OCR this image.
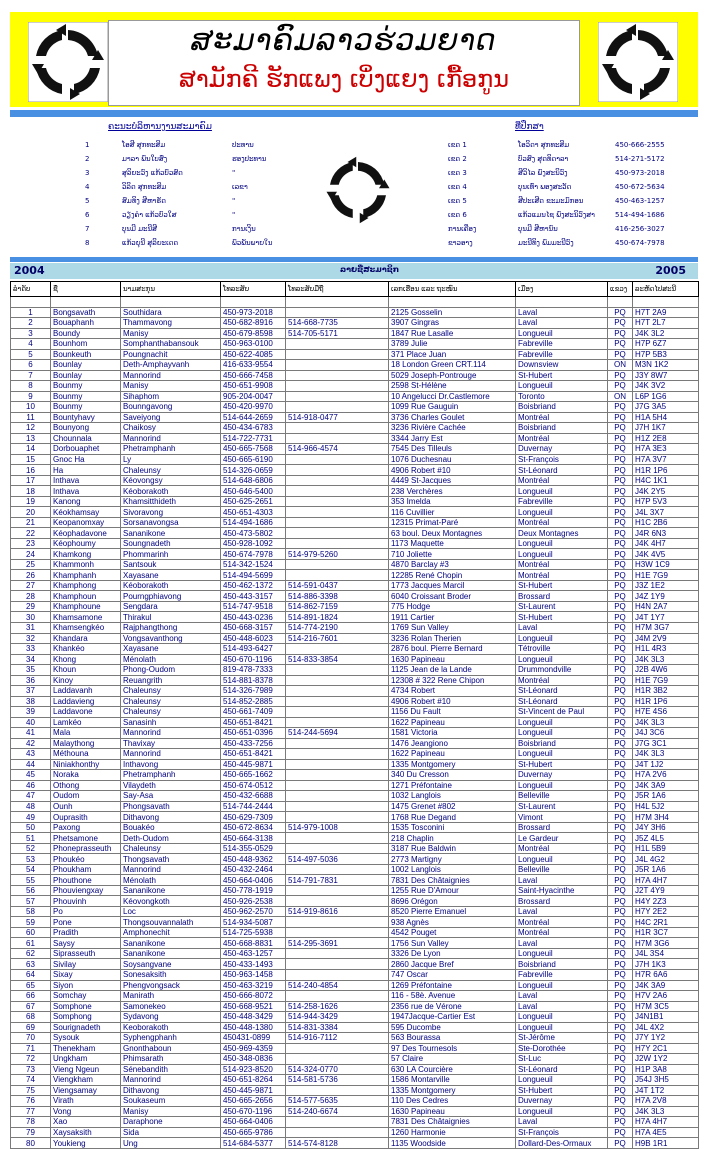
ສະມາຄົມລາວຮ່ວມຍາດ
ສາມັກຄີ ຮັກແພງ ເບິ່ງແຍງ ເກື້ອກູນ
ຄະນະບໍລິຫານງານສະມາຄົມ	ທີ່ປຶກສາ
1	ໂອສີ ສຸກທະສິມ	ປະທານ	ເຂດ 1	ໂອວິດາ ສຸກທະສິມ	450-666-2555
2	ມາລາ ພົນໃບສົ່ງ	ຮອງປະທານ	ເຂດ 2	ບົວສົງ ສຸດທິດາລາ	514-271-5172
3	ສຸລິຍະວົງ ແກ້ວບົວສົດ	"	ເຂດ 3	ສີວິໄລ ພົງສະນິວົງ	450-973-2018
4	ວິລິດ ສຸກທະສິມ	ເລຂາ	ເຂດ 4	ບຸນເທົ່າ ພອງສະວັດ	450-672-5634
5	ສົມທິງ ສີຫາຣັດ	"	ເຂດ 5	ສີປະເສີດ ຂະມະມົກອນ	450-463-1257
6	ວຽງຄຳ ແກ້ວບົວໃສ	"	ເຂດ 6	ແກ້ວແມນໄຊ ພົງສະນິວົງສາ	514-494-1686
7	ບຸນມີ ມະນີສີ	ການເງິນ	ການເຄືອງ	ບຸນມີ ສີຫານົນ	416-256-3027
8	ແກ້ວຍຸນີ ສຸລິຍະເດດ	ພົວພັນພາຍໃນ	ຂາວອາງ	ມະນີທິງ ພົມມະນີວົງ	450-674-7978
2004	ລາຍຊື່ສະມາຊິກ	2005
ລຳດັບ	ຊື່	ນາມສະກຸນ	ໂທລະສັບ	ໂທລະສັບມືຖື	ເລກເຮືອນ ແລະ ຖະໜົນ	ເມືອງ	ແຂວງ	ລະຫັດໄປສະນີ

1	Bongsavath	Southidara	450-973-2018		2125 Gosselin	Laval	PQ	H7T 2A9
2	Bouaphanh	Thammavong	450-682-8916	514-668-7735	3907 Gingras	Laval	PQ	H7T 2L7
3	Boundy	Manisy	450-679-8598	514-705-5171	1847 Rue Lasalle	Longueuil	PQ	J4K 3L2
4	Bounhom	Somphanthabansouk	450-963-0100		3789 Julie	Fabreville	PQ	H7P 6Z7
5	Bounkeuth	Poungnachit	450-622-4085		371 Place Juan	Fabreville	PQ	H7P 5B3
6	Bounlay	Deth-Amphayvanh	416-633-9554		18 London Green CRT.114	Downsview	ON	M3N 1K2
7	Bounlay	Mannorind	450-666-7458		5029 Joseph-Pontrouge	St-Hubert	PQ	J3Y 8W7
8	Bounmy	Manisy	450-651-9908		2598 St-Hélène	Longueuil	PQ	J4K 3V2
9	Bounmy	Sihaphom	905-204-0047		10 Angelucci Dr.Castlemore	Toronto	ON	L6P 1G6
10	Bounmy	Bounngavong	450-420-9970		1099 Rue Gauguin	Boisbriand	PQ	J7G 3A5
11	Bountyhavy	Saveiyong	514-644-2659	514-918-0477	3736 Charles Goulet	Montréal	PQ	H1A 5H4
12	Bounyong	Chaikosy	450-434-6783		3236 Rivière Cachée	Boisbriand	PQ	J7H 1K7
13	Chounnala	Mannorind	514-722-7731		3344 Jarry Est	Montréal	PQ	H1Z 2E8
14	Dorbouaphet	Phetramphanh	450-665-7568	514-966-4574	7545 Des Tilleuls	Duvernay	PQ	H7A 3E3
15	Gnoc Ha	Ly	450-665-6190		1076 Duchesnau	St-François	PQ	H7A 3V7
16	Ha	Chaleunsy	514-326-0659		4906 Robert #10	St-Léonard	PQ	H1R 1P6
17	Inthava	Kéovongsy	514-648-6806		4449 St-Jacques	Montréal	PQ	H4C 1K1
18	Inthava	Kéoborakoth	450-646-5400		238 Verchères	Longueuil	PQ	J4K 2Y5
19	Kanong	Khamsitthideth	450-625-2651		353 Imelda	Fabreville	PQ	H7P 5V3
20	Kéokhamsay	Sivoravong	450-651-4303		116 Cuvillier	Longueuil	PQ	J4L 3X7
21	Keopanomxay	Sorsanavongsa	514-494-1686		12315 Primat-Paré	Montréal	PQ	H1C 2B6
22	Kéophadavone	Sananikone	450-473-5802		63 boul. Deux Montagnes	Deux Montagnes	PQ	J4R 6N3
23	Kéophoumy	Soungnadeth	450-928-1092		1173 Maquette	Longueuil	PQ	J4K 4H7
24	Khamkong	Phommarinh	450-674-7978	514-979-5260	710 Joliette	Longueuil	PQ	J4K 4V5
25	Khammonh	Santsouk	514-342-1524		4870 Barclay #3	Montréal	PQ	H3W 1C9
26	Khamphanh	Xayasane	514-494-5699		12285 René Chopin	Montréal	PQ	H1E 7G9
27	Khamphong	Kéoborakoth	450-462-1372	514-591-0437	1773 Jacques Marcil	St-Hubert	PQ	J3Z 1E2
28	Khamphoun	Pourngphiavong	450-443-3157	514-886-3398	6040 Croissant Broder	Brossard	PQ	J4Z 1Y9
29	Khamphoune	Sengdara	514-747-9518	514-862-7159	775 Hodge	St-Laurent	PQ	H4N 2A7
30	Khamsamone	Thirakul	450-443-0236	514-891-1824	1911 Cartier	St-Hubert	PQ	J4T 1Y7
31	Khamsengkéo	Rajphangthong	450-668-3157	514-774-2190	1769 Sun Valley	Laval	PQ	H7M 3G7
32	Khandara	Vongsavanthong	450-448-6023	514-216-7601	3236 Rolan Therien	Longueuil	PQ	J4M 2V9
33	Khankéo	Xayasane	514-493-6427		2876 boul. Pierre Bernard	Tétroville	PQ	H1L 4R3
34	Khong	Ménolath	450-670-1196	514-833-3854	1630 Papineau	Longueuil	PQ	J4K 3L3
35	Khoun	Phong-Oudom	819-478-7333		1125 Jean de la Lande	Drummondville	PQ	J2B 4W6
36	Kinoy	Reuangrith	514-881-8378		12308 # 322 Rene Chipon	Montréal	PQ	H1E 7G9
37	Laddavanh	Chaleunsy	514-326-7989		4734 Robert	St-Léonard	PQ	H1R 3B2
38	Laddavieng	Chaleunsy	514-852-2885		4906 Robert #10	St-Léonard	PQ	H1R 1P6
39	Laddavone	Chaleunsy	450-661-7409		1156 Du Fault	St-Vincent de Paul	PQ	H7E 4S6
40	Lamkéo	Sanasinh	450-651-8421		1622 Papineau	Longueuil	PQ	J4K 3L3
41	Mala	Mannorind	450-651-0396	514-244-5694	1581 Victoria	Longueuil	PQ	J4J 3C6
42	Malaythong	Thavixay	450-433-7256		1476 Jeangiono	Boisbriand	PQ	J7G 3C1
43	Méthouna	Mannorind	450-651-8421		1622 Papineau	Longueuil	PQ	J4K 3L3
44	Niniakhonthy	Inthavong	450-445-9871		1335 Montgomery	St-Hubert	PQ	J4T 1J2
45	Noraka	Phetramphanh	450-665-1662		340 Du Cresson	Duvernay	PQ	H7A 2V6
46	Othong	Vilaydeth	450-674-0512		1271 Préfontaine	Longueuil	PQ	J4K 3A9
47	Oudom	Say-Asa	450-432-6688		1032 Langlois	Belleville	PQ	J5R 1A6
48	Ounh	Phongsavath	514-744-2444		1475 Grenet #802	St-Laurent	PQ	H4L 5J2
49	Ouprasith	Dithavong	450-629-7309		1768 Rue Degand	Vimont	PQ	H7M 3H4
50	Paxong	Bouakéo	450-672-8634	514-979-1008	1535 Tosconini	Brossard	PQ	J4Y 3H6
51	Phetsamone	Deth-Oudom	450-664-3138		218 Chaplin	Le Gardeur	PQ	J5Z 4L5
52	Phoneprasseuth	Chaleunsy	514-355-0529		3187 Rue Baldwin	Montréal	PQ	H1L 5B9
53	Phoukéo	Thongsavath	450-448-9362	514-497-5036	2773 Martigny	Longueuil	PQ	J4L 4G2
54	Phoukham	Mannorind	450-432-2464		1002 Langlois	Belleville	PQ	J5R 1A6
55	Phouthone	Ménolath	450-664-0406	514-791-7831	7831 Des Châtaignies	Laval	PQ	H7A 4H7
56	Phouviengxay	Sananikone	450-778-1919		1255 Rue D'Amour	Saint-Hyacinthe	PQ	J2T 4Y9
57	Phouvinh	Kéovongkoth	450-926-2538		8696 Orégon	Brossard	PQ	H4Y 2Z3
58	Po	Loc	450-962-2570	514-919-8616	8520 Pierre Emanuel	Laval	PQ	H7Y 2E2
59	Pone	Thongsouvannalath	514-934-5087		938 Agnès	Montréal	PQ	H4C 2R1
60	Pradith	Amphonechit	514-725-5938		4542 Pouget	Montréal	PQ	H1R 3C7
61	Saysy	Sananikone	450-668-8831	514-295-3691	1756 Sun Valley	Laval	PQ	H7M 3G6
62	Siprasseuth	Sananikone	450-463-1257		3326 De Lyon	Longueuil	PQ	J4L 3S4
63	Sivilay	Soysangvane	450-433-1493		2860 Jacque Bref	Boisbriand	PQ	J7H 1K3
64	Sixay	Sonesaksith	450-963-1458		747 Oscar	Fabreville	PQ	H7R 6A6
65	Siyon	Phengvongsack	450-463-3219	514-240-4854	1269 Préfontaine	Longueuil	PQ	J4K 3A9
66	Somchay	Manirath	450-666-8072		116 - 58è. Avenue	Laval	PQ	H7V 2A6
67	Somphone	Samonekeo	450-668-9521	514-258-1626	2356 rue de Vérone	Laval	PQ	H7M 3C5
68	Somphong	Sydavong	450-448-3429	514-944-3429	1947Jacque-Cartier Est	Longueuil	PQ	J4N1B1
69	Sourignadeth	Keoborakoth	450-448-1380	514-831-3384	595 Ducombe	Longueuil	PQ	J4L 4X2
70	Sysouk	Syphengphanh	450431-0899	514-916-7112	563 Bourassa	St-Jérôme	PQ	J7Y 1Y2
71	Thenekham	Gnonthaboun	450-969-4359		97 Des Tournesols	Ste-Dorothée	PQ	H7Y 2C1
72	Ungkham	Phimsarath	450-348-0836		57 Claire	St-Luc	PQ	J2W 1Y2
73	Vieng Ngeun	Sénebandith	514-923-8520	514-324-0770	630 LA Courcière	St-Léonard	PQ	H1P 3A8
74	Viengkham	Mannorind	450-651-8264	514-581-5736	1586 Montarville	Longueuil	PQ	J54J 3H5
75	Viengsamay	Dithavong	450-445-9871		1335 Montgomery	St-Hubert	PQ	J4T 1T2
76	Virath	Soukaseum	450-665-2656	514-577-5635	110 Des Cedres	Duvernay	PQ	H7A 2V8
77	Vong	Manisy	450-670-1196	514-240-6674	1630 Papineau	Longueuil	PQ	J4K 3L3
78	Xao	Daraphone	450-664-0406		7831 Des Châtaignies	Laval	PQ	H7A 4H7
79	Xaysaksith	Sida	450-665-9786		1260 Harmonie	St-François	PQ	H7A 4E5
80	Youkieng	Ung	514-684-5377	514-574-8128	1135 Woodside	Dollard-Des-Ormaux	PQ	H9B 1R1
